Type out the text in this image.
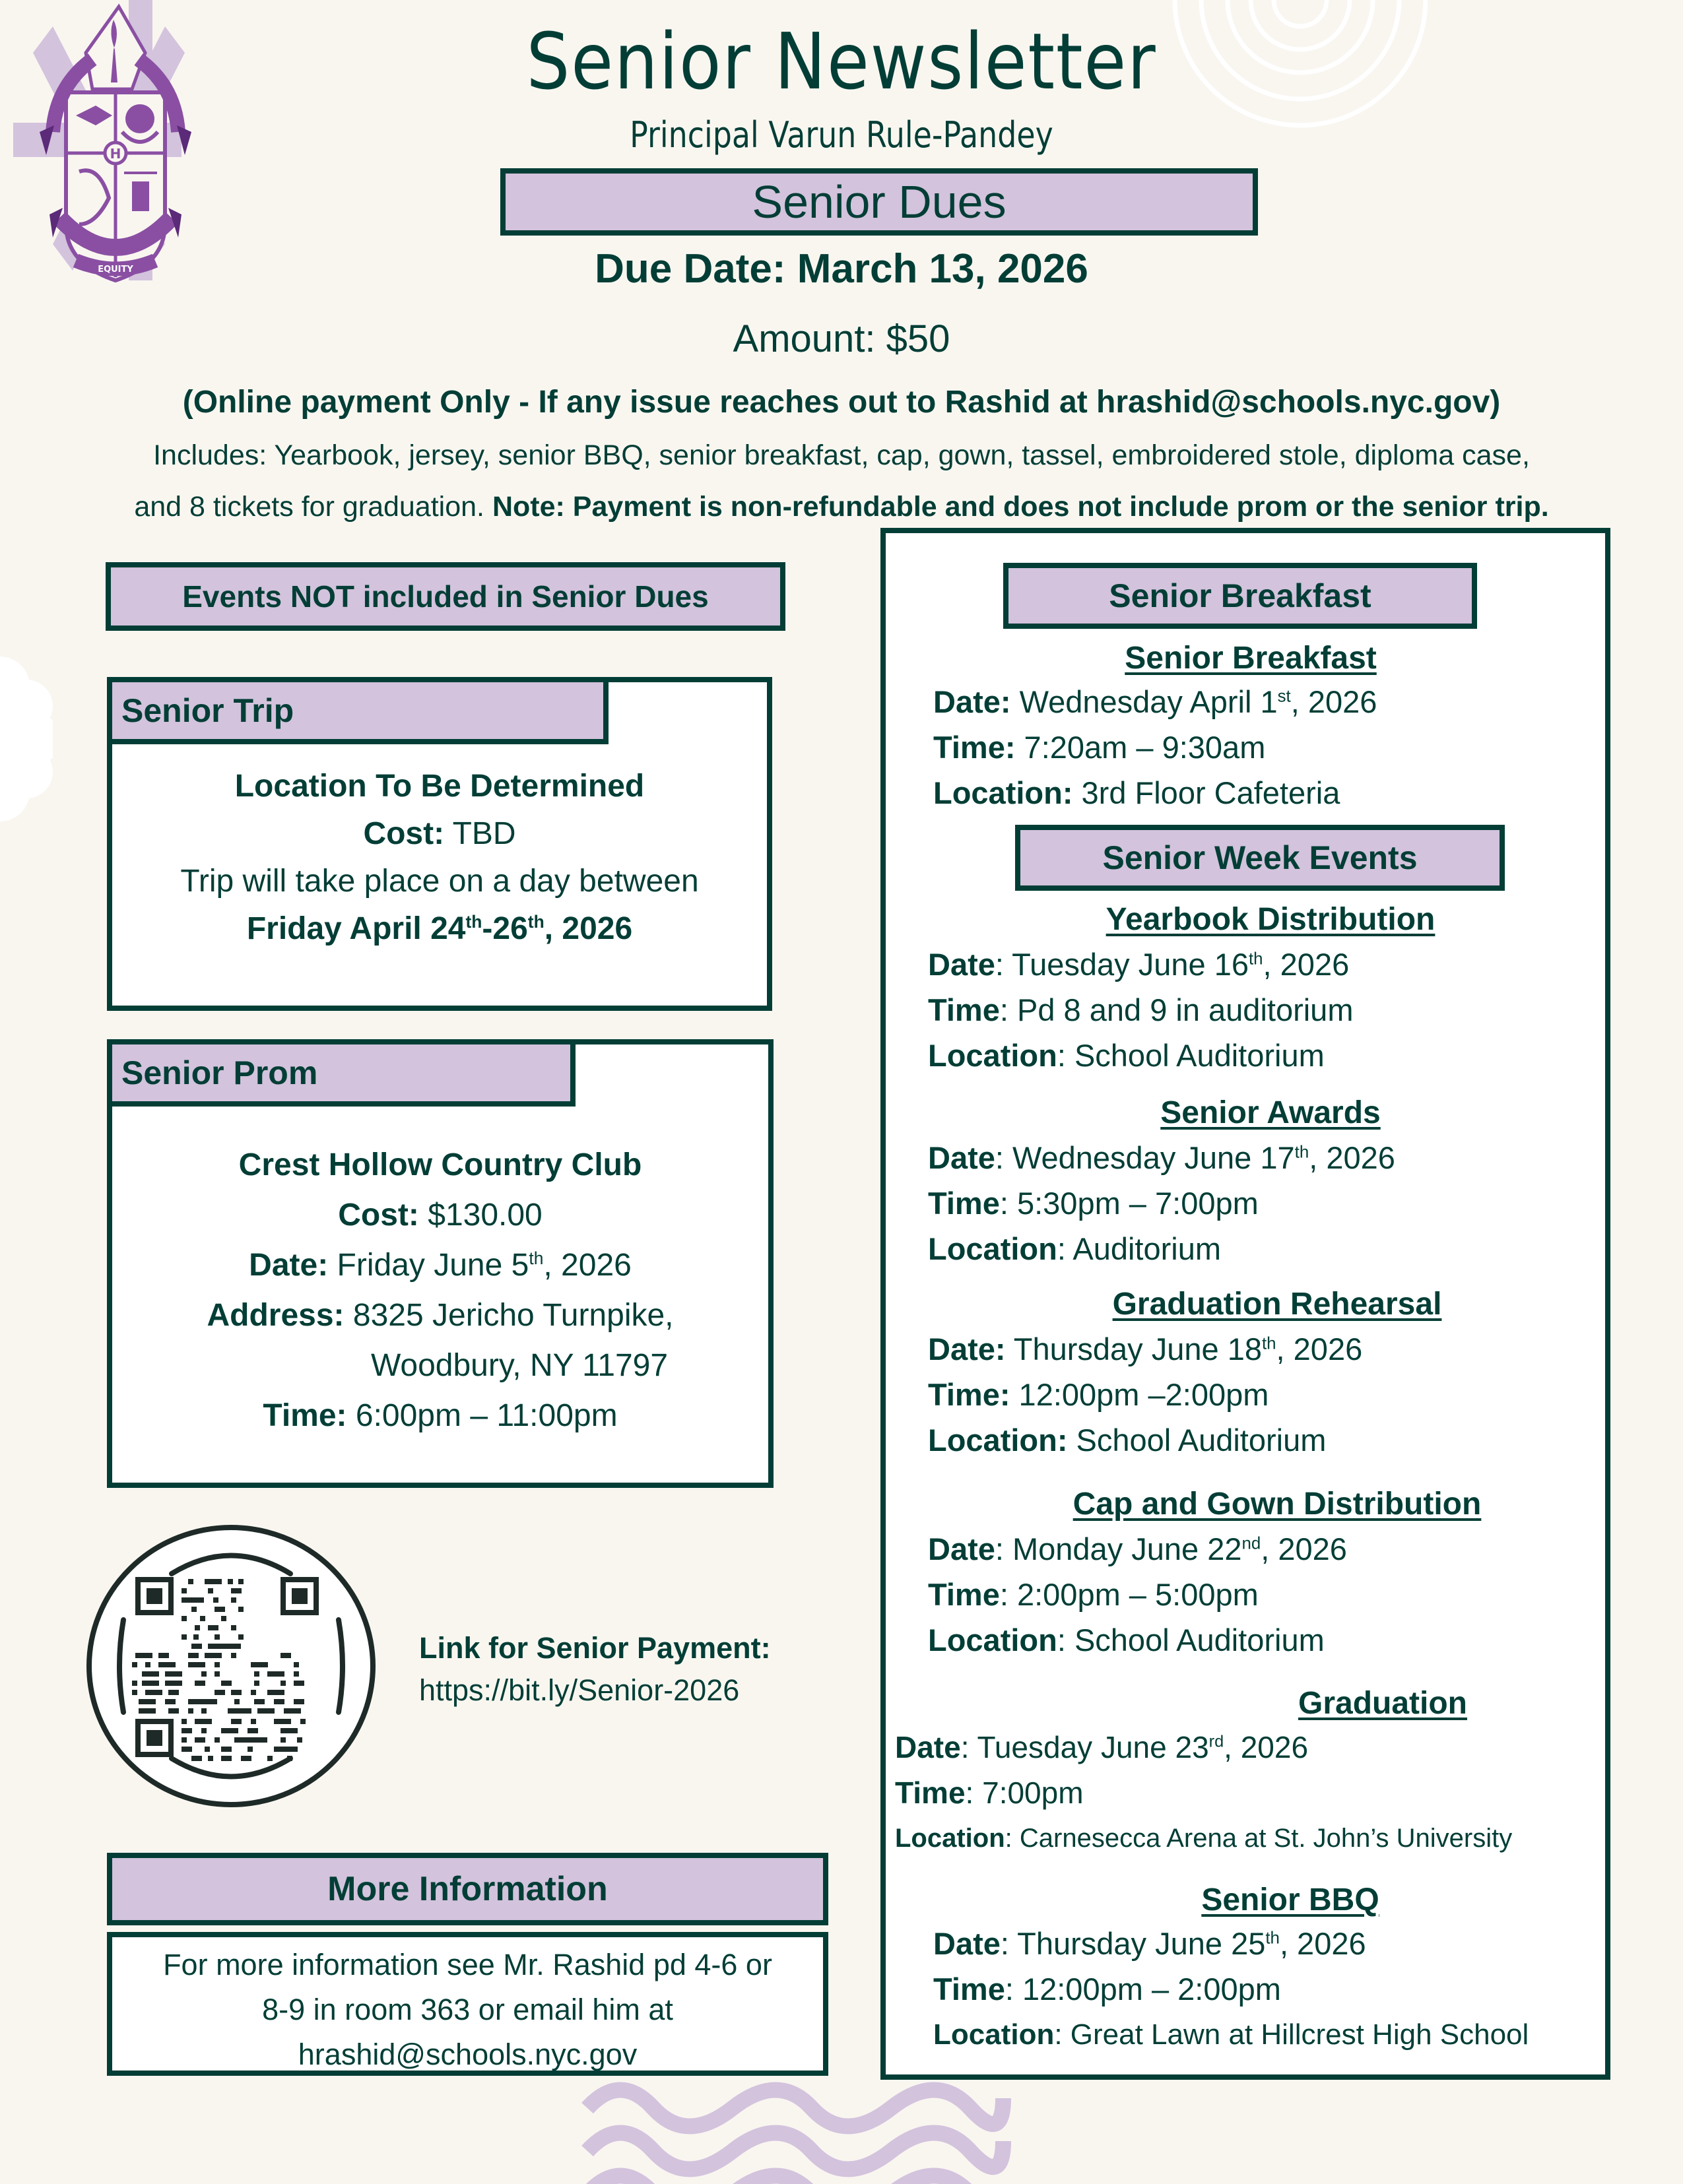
H
EQUITY
Senior Newsletter
Principal Varun Rule-Pandey
Senior Dues
Due Date: March 13, 2026
Amount: $50
(Online payment Only - If any issue reaches out to Rashid at hrashid@schools.nyc.gov)
Includes: Yearbook, jersey, senior BBQ, senior breakfast, cap, gown, tassel, embroidered stole, diploma case,
and 8 tickets for graduation. Note: Payment is non-refundable and does not include prom or the senior trip.
Events NOT included in Senior Dues
Senior Trip
Location To Be Determined
Cost: TBD
Trip will take place on a day between
Friday April 24th-26th, 2026
Senior Prom
Crest Hollow Country Club
Cost: $130.00
Date: Friday June 5th, 2026
Address: 8325 Jericho Turnpike,
Woodbury, NY 11797
Time: 6:00pm – 11:00pm
Link for Senior Payment:
https://bit.ly/Senior-2026
More Information
For more information see Mr. Rashid pd 4-6 or
8-9 in room 363 or email him at
hrashid@schools.nyc.gov
Senior Breakfast
Senior Breakfast
Date: Wednesday April 1st, 2026
Time: 7:20am – 9:30am
Location: 3rd Floor Cafeteria
Senior Week Events
Yearbook Distribution
Date: Tuesday June 16th, 2026
Time: Pd 8 and 9 in auditorium
Location: School Auditorium
Senior Awards
Date: Wednesday June 17th, 2026
Time: 5:30pm – 7:00pm
Location: Auditorium
Graduation Rehearsal
Date: Thursday June 18th, 2026
Time: 12:00pm –2:00pm
Location: School Auditorium
Cap and Gown Distribution
Date: Monday June 22nd, 2026
Time: 2:00pm – 5:00pm
Location: School Auditorium
Graduation
Date: Tuesday June 23rd, 2026
Time: 7:00pm
Location: Carnesecca Arena at St. John’s University
Senior BBQ
Date: Thursday June 25th, 2026
Time: 12:00pm – 2:00pm
Location: Great Lawn at Hillcrest High School
